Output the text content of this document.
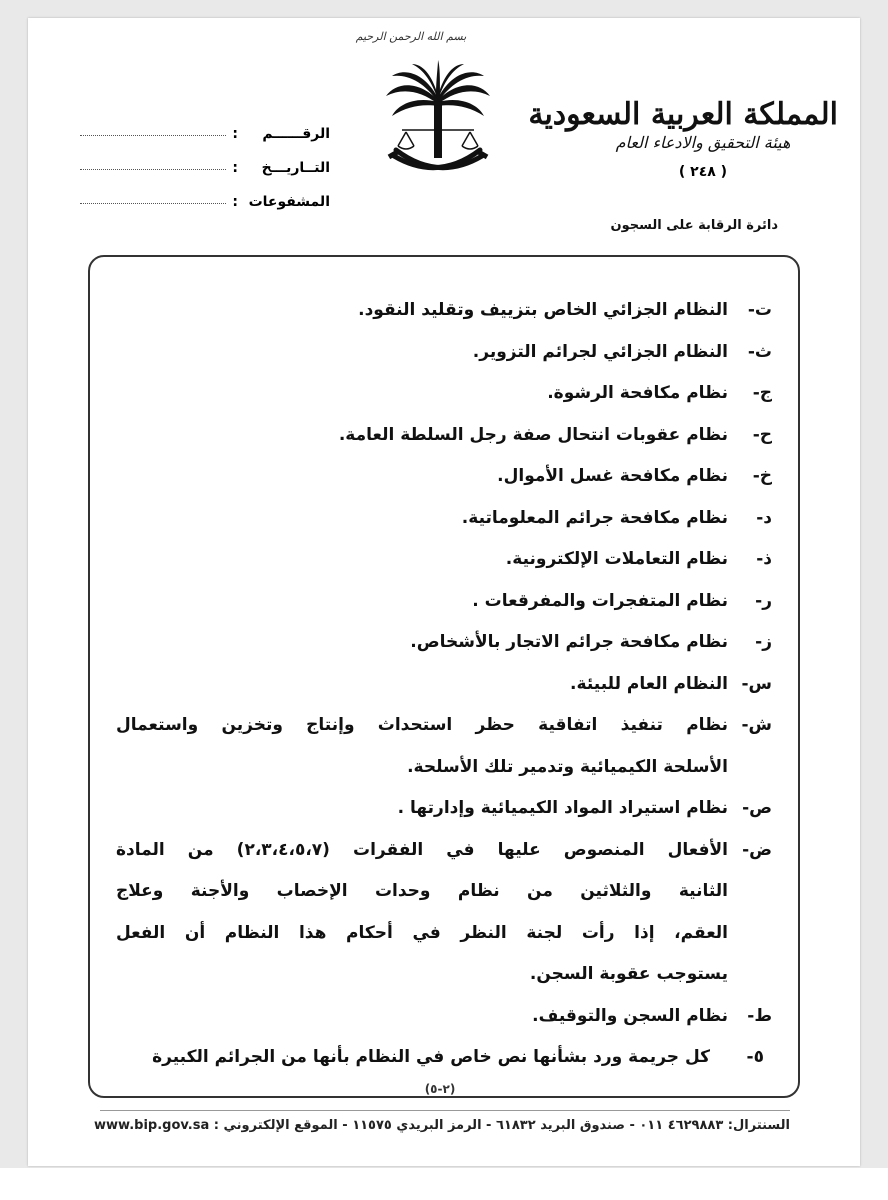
بسم الله الرحمن الرحيم
المملكة العربية السعودية
هيئة التحقيق والادعاء العام
( ٢٤٨ )
دائرة الرقابة على السجون
الرقــــــم
:
التــاريـــخ
:
المشفوعات
:
ت-
النظام الجزائي الخاص بتزييف وتقليد النقود.
ث-
النظام الجزائي لجرائم التزوير.
ج-
نظام مكافحة الرشوة.
ح-
نظام عقوبات انتحال صفة رجل السلطة العامة.
خ-
نظام مكافحة غسل الأموال.
د-
نظام مكافحة جرائم المعلوماتية.
ذ-
نظام التعاملات الإلكترونية.
ر-
نظام المتفجرات والمفرقعات .
ز-
نظام مكافحة جرائم الاتجار بالأشخاص.
س-
النظام العام للبيئة.
ش-
نظام تنفيذ اتفاقية حظر استحداث وإنتاج وتخزين واستعمال
الأسلحة الكيميائية وتدمير تلك الأسلحة.
ص-
نظام استيراد المواد الكيميائية وإدارتها .
ض-
الأفعال المنصوص عليها في الفقرات (٢،٣،٤،٥،٧) من المادة
الثانية والثلاثين من نظام وحدات الإخصاب والأجنة وعلاج
العقم، إذا رأت لجنة النظر في أحكام هذا النظام أن الفعل
يستوجب عقوبة السجن.
ط-
نظام السجن والتوقيف.
٥-
كل جريمة ورد بشأنها نص خاص في النظام بأنها من الجرائم الكبيرة
(٢-٥)
السنترال: ٤٦٢٩٨٨٣ ٠١١ - صندوق البريد ٦١٨٣٢ - الرمز البريدي ١١٥٧٥ - الموقع الإلكتروني : www.bip.gov.sa
